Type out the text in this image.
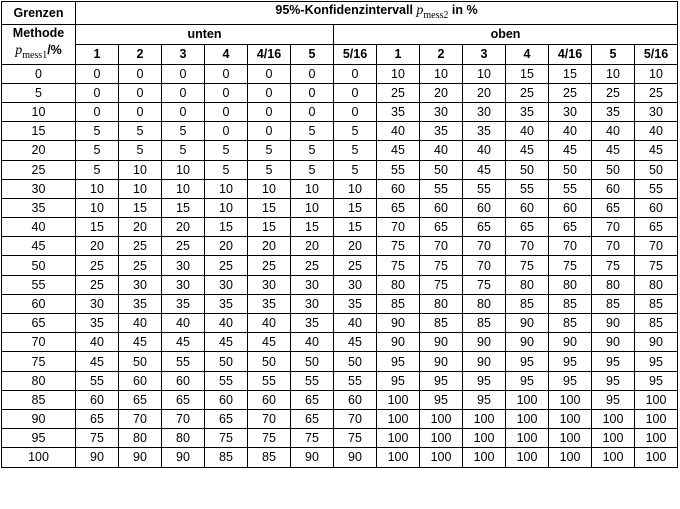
Grenzen	95%-Konfidenzintervall $p_{mess2}$ in %													
Methode
$p_{mess1}/\%$	unten						oben							
	1	2	3	4	4/16	5	5/16	1	2	3	4	4/16	5	5/16
0	0	0	0	0	0	0	0	10	10	10	15	15	10	10
5	0	0	0	0	0	0	0	25	20	20	25	25	25	25
10	0	0	0	0	0	0	0	35	30	30	35	30	35	30
15	5	5	5	0	0	5	5	40	35	35	40	40	40	40
20	5	5	5	5	5	5	5	45	40	40	45	45	45	45
25	5	10	10	5	5	5	5	55	50	45	50	50	50	50
30	10	10	10	10	10	10	10	60	55	55	55	55	60	55
35	10	15	15	10	15	10	15	65	60	60	60	60	65	60
40	15	20	20	15	15	15	15	70	65	65	65	65	70	65
45	20	25	25	20	20	20	20	75	70	70	70	70	70	70
50	25	25	30	25	25	25	25	75	75	70	75	75	75	75
55	25	30	30	30	30	30	30	80	75	75	80	80	80	80
60	30	35	35	35	35	30	35	85	80	80	85	85	85	85
65	35	40	40	40	40	35	40	90	85	85	90	85	90	85
70	40	45	45	45	45	40	45	90	90	90	90	90	90	90
75	45	50	55	50	50	50	50	95	90	90	95	95	95	95
80	55	60	60	55	55	55	55	95	95	95	95	95	95	95
85	60	65	65	60	60	65	60	100	95	95	100	100	95	100
90	65	70	70	65	70	65	70	100	100	100	100	100	100	100
95	75	80	80	75	75	75	75	100	100	100	100	100	100	100
100	90	90	90	85	85	90	90	100	100	100	100	100	100	100
